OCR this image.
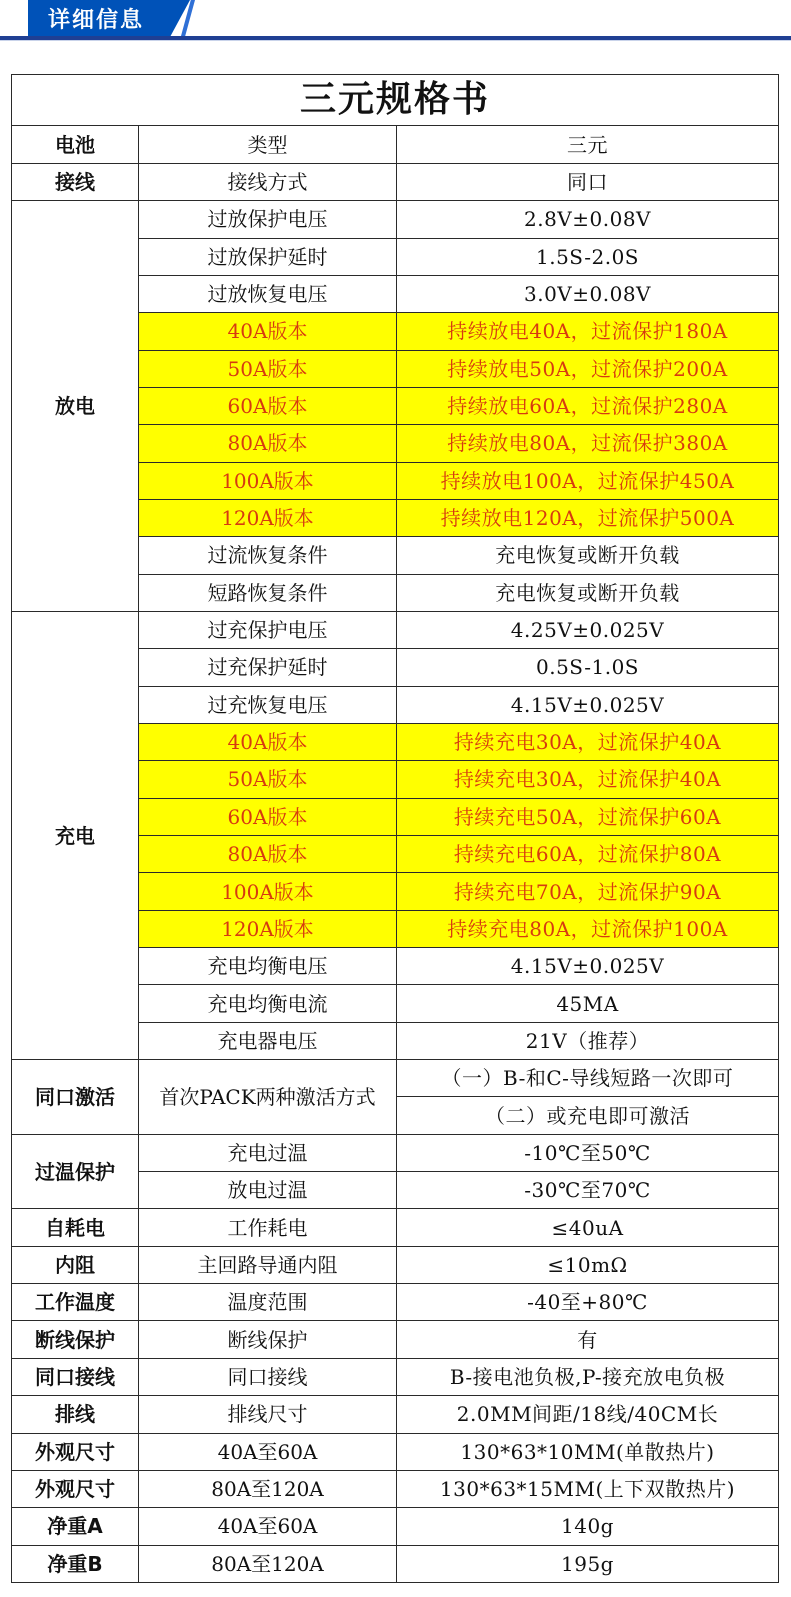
详细信息
三元规格书		
电池	类型	三元
接线	接线方式	同口
放电	过放保护电压	2.8V±0.08V
	过放保护延时	1.5S-2.0S
	过放恢复电压	3.0V±0.08V
	40A版本	持续放电40A，过流保护180A
	50A版本	持续放电50A，过流保护200A
	60A版本	持续放电60A，过流保护280A
	80A版本	持续放电80A，过流保护380A
	100A版本	持续放电100A，过流保护450A
	120A版本	持续放电120A，过流保护500A
	过流恢复条件	充电恢复或断开负载
	短路恢复条件	充电恢复或断开负载
充电	过充保护电压	4.25V±0.025V
	过充保护延时	0.5S-1.0S
	过充恢复电压	4.15V±0.025V
	40A版本	持续充电30A，过流保护40A
	50A版本	持续充电30A，过流保护40A
	60A版本	持续充电50A，过流保护60A
	80A版本	持续充电60A，过流保护80A
	100A版本	持续充电70A，过流保护90A
	120A版本	持续充电80A，过流保护100A
	充电均衡电压	4.15V±0.025V
	充电均衡电流	45MA
	充电器电压	21V（推荐）
同口激活	首次PACK两种激活方式	（一）B-和C-导线短路一次即可
		（二）或充电即可激活
过温保护	充电过温	-10℃至50℃
	放电过温	-30℃至70℃
自耗电	工作耗电	≤40uA
内阻	主回路导通内阻	≤10mΩ
工作温度	温度范围	-40至+80℃
断线保护	断线保护	有
同口接线	同口接线	B-接电池负极,P-接充放电负极
排线	排线尺寸	2.0MM间距/18线/40CM长
外观尺寸	40A至60A	130*63*10MM(单散热片)
外观尺寸	80A至120A	130*63*15MM(上下双散热片)
净重A	40A至60A	140g
净重B	80A至120A	195g
